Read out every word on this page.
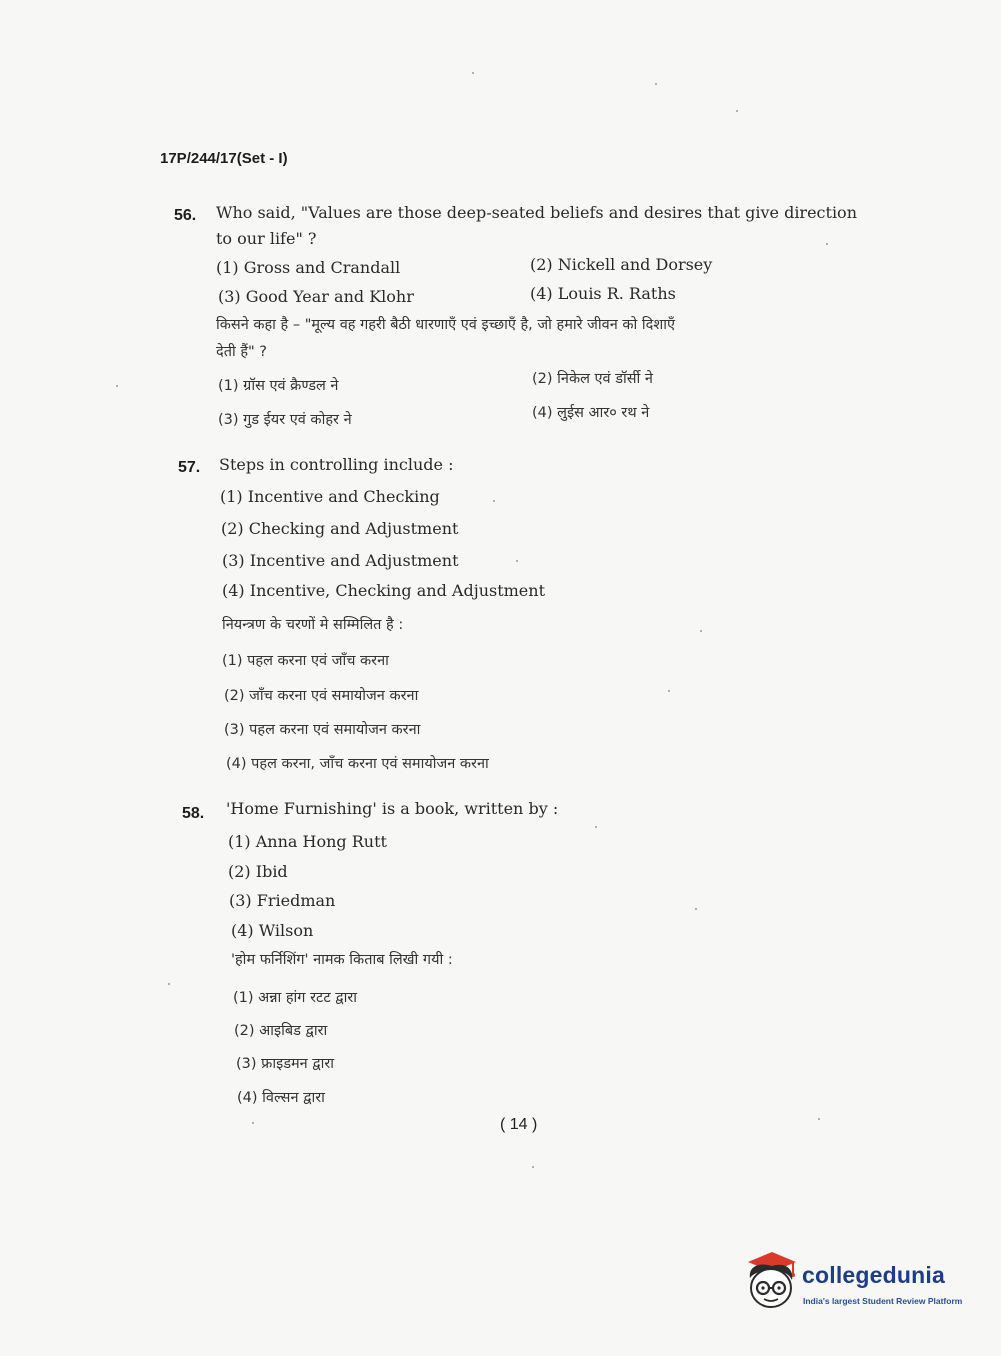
17P/244/17(Set - I)
56. Who said, "Values are those deep-seated beliefs and desires that give direction
to our life" ?
(1) Gross and Crandall	(2) Nickell and Dorsey
(3) Good Year and Klohr	(4) Louis R. Raths
किसने कहा है – "मूल्य वह गहरी बैठी धारणाएँ एवं इच्छाएँ है, जो हमारे जीवन को दिशाएँ
देती हैं" ?
(1) ग्रॉस एवं क्रैण्डल ने	(2) निकेल एवं डॉर्सी ने
(3) गुड ईयर एवं कोहर ने	(4) लुईस आर० रथ ने
57. Steps in controlling include :
(1) Incentive and Checking
(2) Checking and Adjustment
(3) Incentive and Adjustment
(4) Incentive, Checking and Adjustment
नियन्त्रण के चरणों मे सम्मिलित है :
(1) पहल करना एवं जाँच करना
(2) जाँच करना एवं समायोजन करना
(3) पहल करना एवं समायोजन करना
(4) पहल करना, जाँच करना एवं समायोजन करना
58. 'Home Furnishing' is a book, written by :
(1) Anna Hong Rutt
(2) Ibid
(3) Friedman
(4) Wilson
'होम फर्निशिंग' नामक किताब लिखी गयी :
(1) अन्ना हांग रटट द्वारा
(2) आइबिड द्वारा
(3) फ्राइडमन द्वारा
(4) विल्सन द्वारा
( 14 )
collegedunia
India's largest Student Review Platform
